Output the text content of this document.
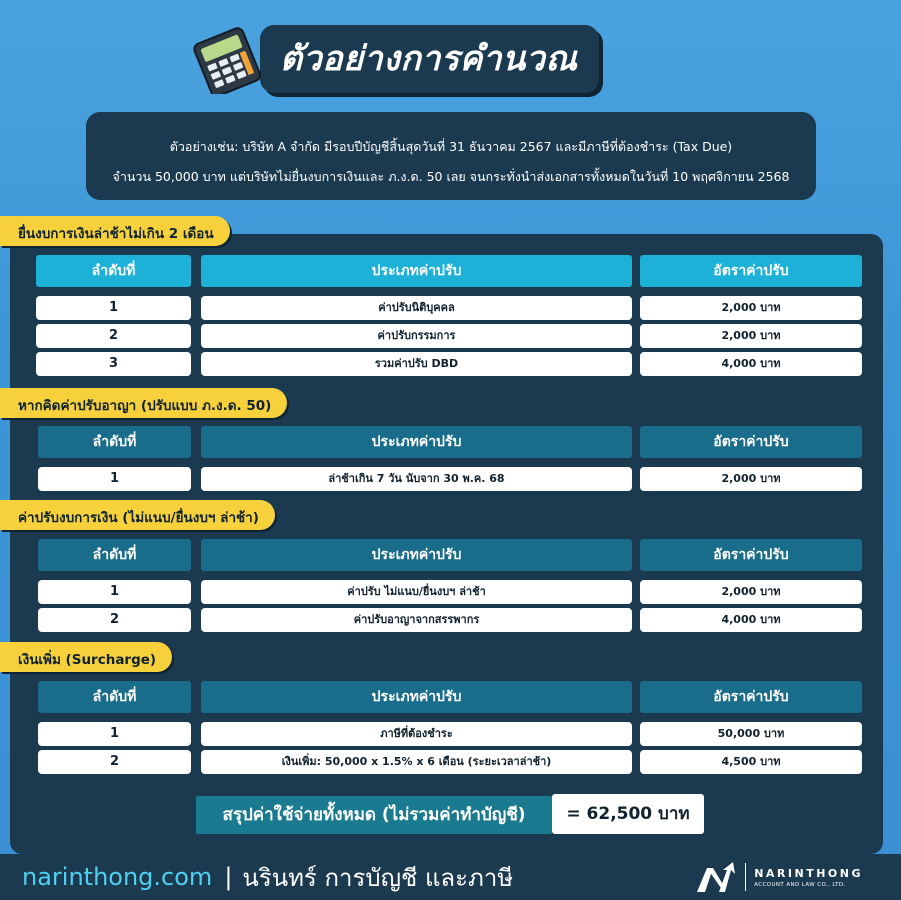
ตัวอย่างการคำนวณ
ตัวอย่างเช่น: บริษัท A จำกัด มีรอบปีบัญชีสิ้นสุดวันที่ 31 ธันวาคม 2567 และมีภาษีที่ต้องชำระ (Tax Due)
จำนวน 50,000 บาท แต่บริษัทไม่ยื่นงบการเงินและ ภ.ง.ด. 50 เลย จนกระทั่งนำส่งเอกสารทั้งหมดในวันที่ 10 พฤศจิกายน 2568
ยื่นงบการเงินล่าช้าไม่เกิน 2 เดือน
ลำดับที่	ประเภทค่าปรับ	อัตราค่าปรับ
1	ค่าปรับนิติบุคคล	2,000 บาท
2	ค่าปรับกรรมการ	2,000 บาท
3	รวมค่าปรับ DBD	4,000 บาท
หากคิดค่าปรับอาญา (ปรับแบบ ภ.ง.ด. 50)
ลำดับที่	ประเภทค่าปรับ	อัตราค่าปรับ
1	ล่าช้าเกิน 7 วัน นับจาก 30 พ.ค. 68	2,000 บาท
ค่าปรับงบการเงิน (ไม่แนบ/ยื่นงบฯ ล่าช้า)
ลำดับที่	ประเภทค่าปรับ	อัตราค่าปรับ
1	ค่าปรับ ไม่แนบ/ยื่นงบฯ ล่าช้า	2,000 บาท
2	ค่าปรับอาญาจากสรรพากร	4,000 บาท
เงินเพิ่ม (Surcharge)
ลำดับที่	ประเภทค่าปรับ	อัตราค่าปรับ
1	ภาษีที่ต้องชำระ	50,000 บาท
2	เงินเพิ่ม: 50,000 x 1.5% x 6 เดือน (ระยะเวลาล่าช้า)	4,500 บาท
สรุปค่าใช้จ่ายทั้งหมด (ไม่รวมค่าทำบัญชี)	= 62,500 บาท
narinthong.com | นรินทร์ การบัญชี และภาษี	NARINTHONG
ACCOUNT AND LAW CO., LTD.
